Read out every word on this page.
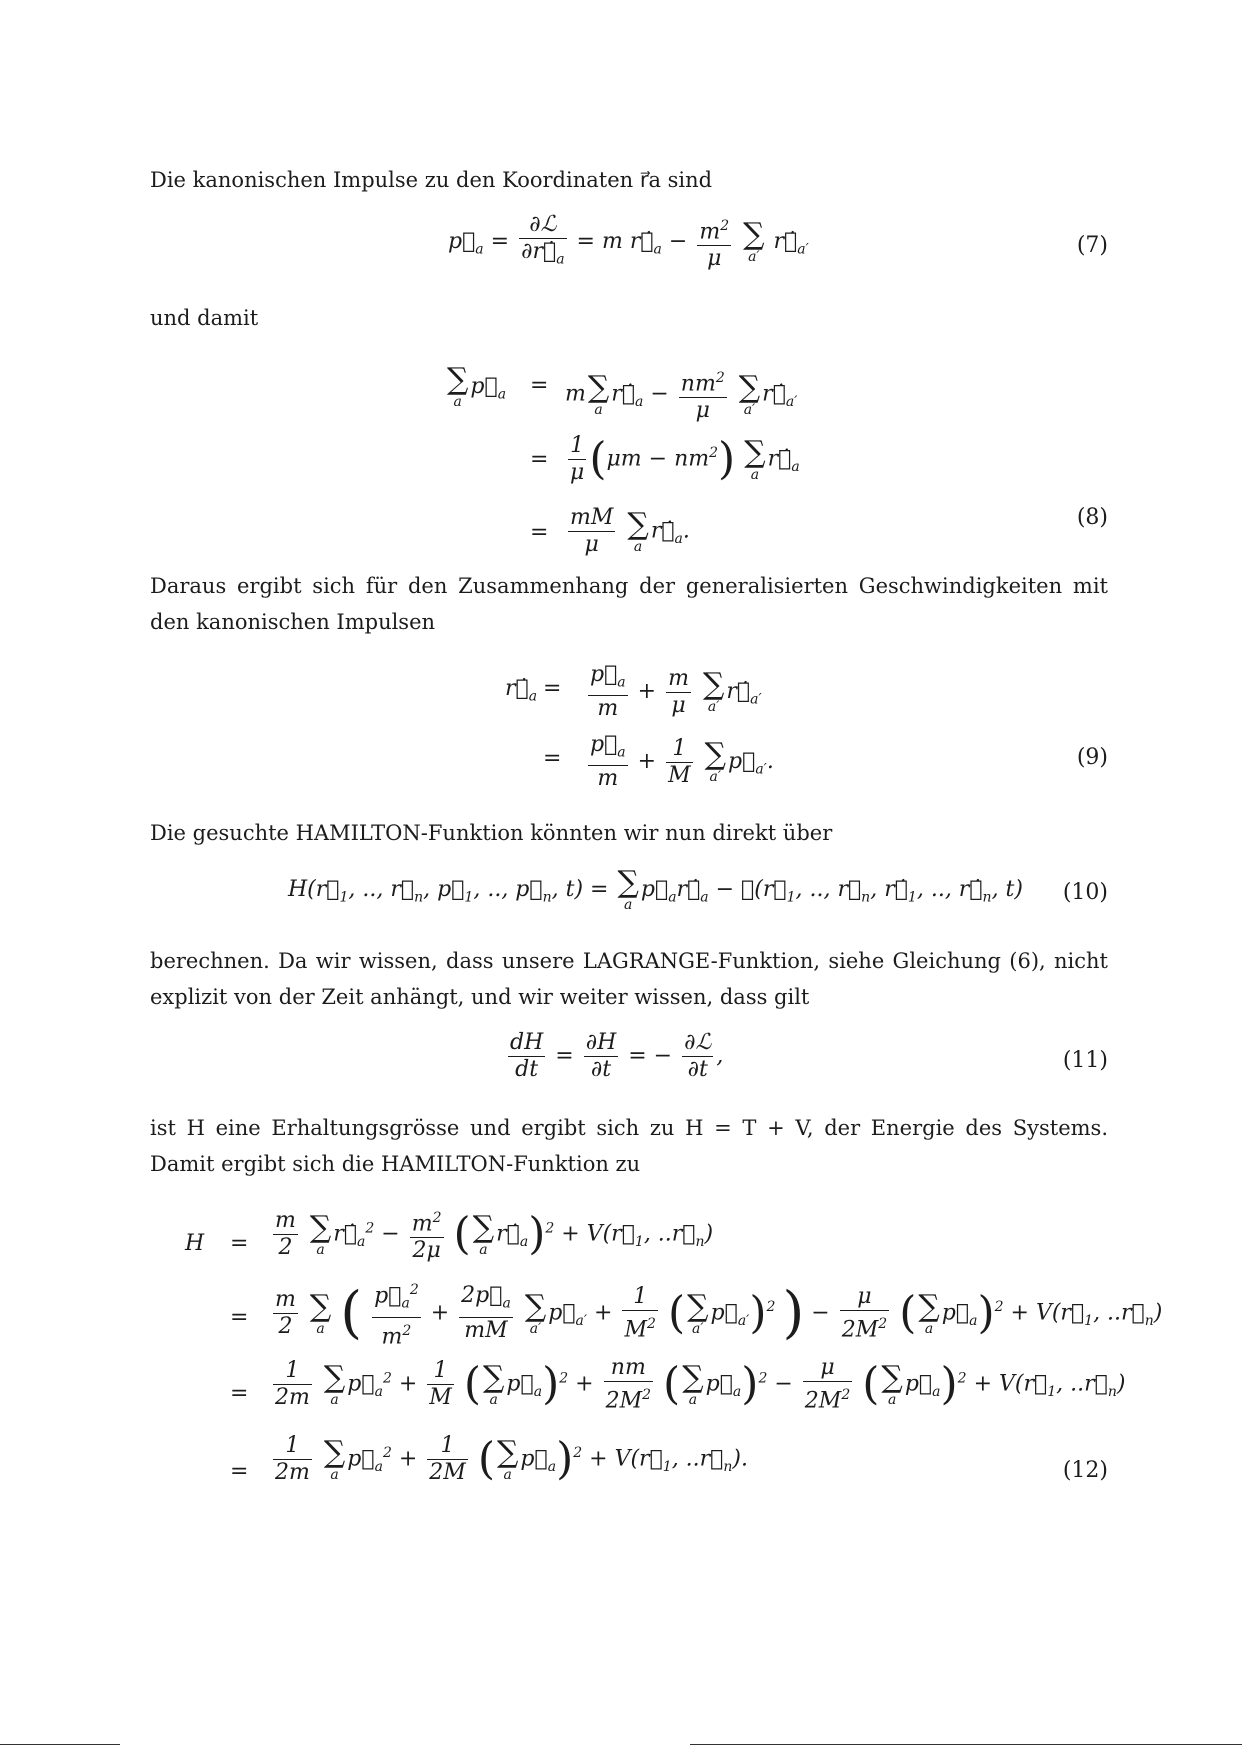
Die kanonischen Impulse zu den Koordinaten r⃗a sind
und damit
Daraus ergibt sich für den Zusammenhang der generalisierten Geschwindigkeiten mit den kanonischen Impulsen
Die gesuchte HAMILTON-Funktion könnten wir nun direkt über
berechnen. Da wir wissen, dass unsere LAGRANGE-Funktion, siehe Gleichung (6), nicht explizit von der Zeit anhängt, und wir weiter wissen, dass gilt
ist H eine Erhaltungsgrösse und ergibt sich zu H = T + V, der Energie des Systems. Damit ergibt sich die HAMILTON-Funktion zu
$p⃗_a = \frac{\text{∂ℒ}}{\partial r⃗̇_a} = m$ $r⃗̇_a - \frac{m^2}{\mu}$
∑
a′
$r⃗̇_{a'}$	(7)
∑
a
$p⃗_a = m$ ∑
a
$r⃗̇_a - \frac{nm^2}{\mu}$
∑
a′
$r⃗̇_{a'}$
= $\frac{1}{\mu} (\mu m - nm^2)$ ∑
a
$r⃗̇_a$
= $\frac{mM}{\mu}$
∑
a
$r⃗̇_a$.
(8)
$r⃗̇_a = \frac{p⃗_a}{m} + \frac{m}{\mu}$
∑
a′
$r⃗̇_{a'}$
= $\frac{p⃗_a}{m} + \frac{1}{M}$
∑
a′
$p⃗_{a'}$.	(9)
$H(r⃗_1$, .., $r⃗_n$, $p⃗_1$, .., $p⃗_n$, t) = ∑
a
$p⃗_ar⃗̇_a$ − $ℒ(r⃗_1$, .., $r⃗_n$, $r⃗̇_1$, .., $r⃗̇_n$, t) (10)
$\frac{dH}{dt} = \frac{\partial H}{\partial t}$ = − $\frac{\text{∂ℒ}}{\partial t}$ ,	(11)
$H = \frac{m}{2}$
∑
a
$r⃗̇_a^2 - \frac{m^2}{2\mu}$ ( ∑
a
$r⃗̇_a)^2$ + $V(r⃗_1$, $..r⃗_n$)
= $\frac{m}{2}$
∑
a ( $\frac{p⃗_a^2}{m^2} + \frac{2p⃗_a}{mM}$
∑
a′
$p⃗_{a'} + \frac{1}{M^2}$ ( ∑
a′
$p⃗_{a'})^2$ ) − $\frac{\mu}{2M^2}$ ( ∑
a
$p⃗_a)^2$ + $V(r⃗_1$, $..r⃗_n$)
= $\frac{1}{2m}$
∑
a
$p⃗_a^2 + \frac{1}{M}$ ( ∑
a
$p⃗_a)^2 + \frac{nm}{2M^2}$ ( ∑
a
$p⃗_a)^2 - \frac{\mu}{2M^2}$ ( ∑
a
$p⃗_a)^2$ + $V(r⃗_1$, $..r⃗_n$)
= $\frac{1}{2m}$
∑
a
$p⃗_a^2 + \frac{1}{2M}$ ( ∑
a
$p⃗_a)^2$ + $V(r⃗_1$, $..r⃗_n$).	(12)
